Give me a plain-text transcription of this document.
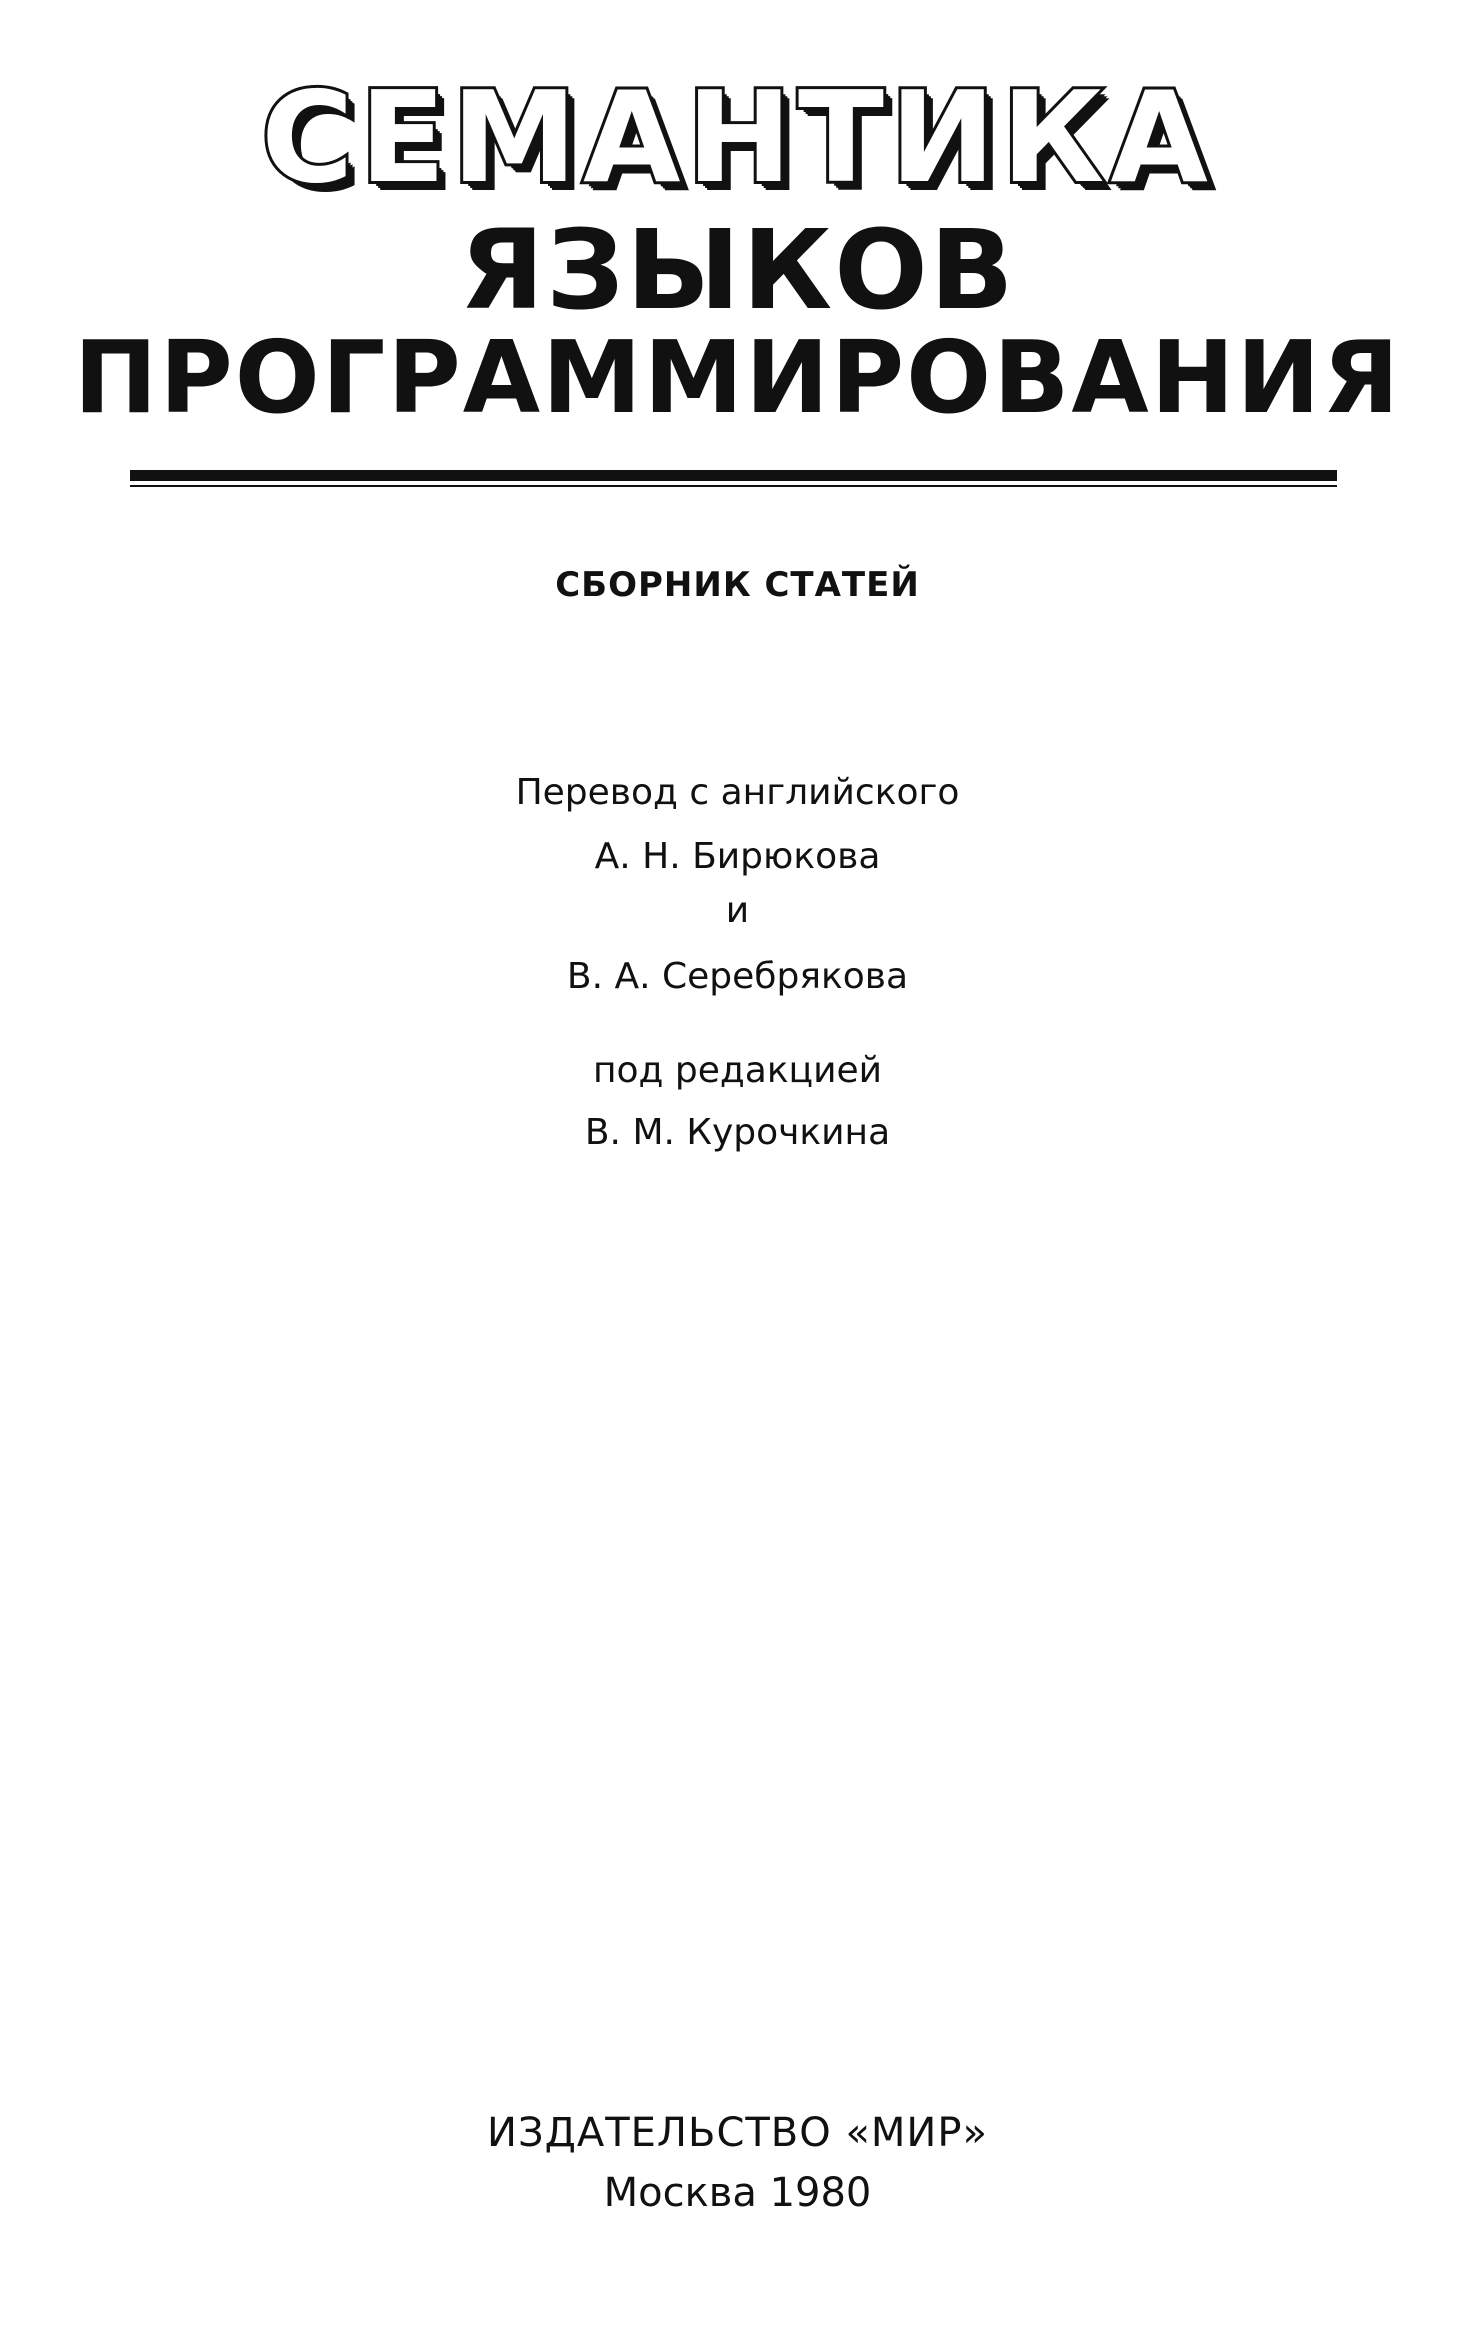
СЕМАНТИКА
ЯЗЫКОВ
ПРОГРАММИРОВАНИЯ
СБОРНИК СТАТЕЙ
Перевод с английского
А. Н. Бирюкова
и
В. А. Серебрякова
под редакцией
В. М. Курочкина
ИЗДАТЕЛЬСТВО «МИР»
Москва 1980
